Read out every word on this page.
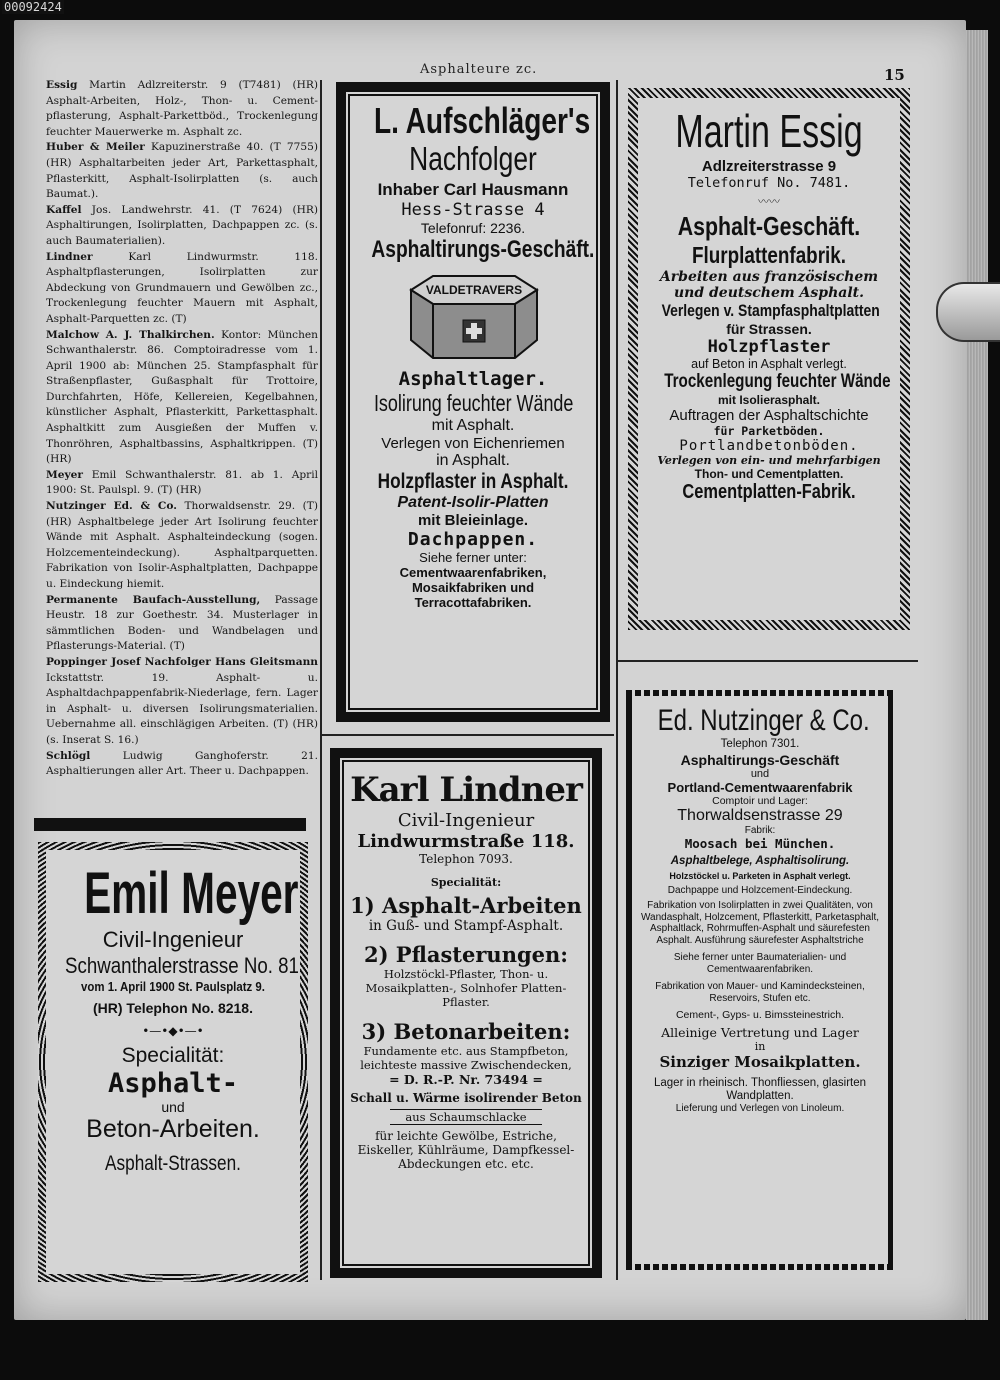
00092424
Asphalteure zc.	15

Essig Martin Adlzreiterstr. 9 (T7481) (HR) Asphalt-Arbeiten, Holz-, Thon- u. Cement-pflasterung, Asphalt-Parkettböd., Trockenlegung feuchter Mauerwerke m. Asphalt zc.

Huber & Meiler Kapuzinerstraße 40. (T 7755) (HR) Asphaltarbeiten jeder Art, Parkettasphalt, Pflasterkitt, Asphalt-Isolirplatten (s. auch Baumat.).

Kaffel Jos. Landwehrstr. 41. (T 7624) (HR) Asphaltirungen, Isolirplatten, Dachpappen zc. (s. auch Baumaterialien).

Lindner	Karl Lindwurmstr. 118. Asphaltpflasterungen, Isolirplatten zur Abdeckung von Grundmauern und Gewölben zc., Trockenlegung feuchter Mauern mit Asphalt, Asphalt-Parquetten zc. (T)

Malchow A. J. Thalkirchen. Kontor: München Schwanthalerstr. 86. Comptoiradresse vom 1. April 1900 ab: München 25. Stampfasphalt für Straßenpflaster, Gußasphalt für Trottoire, Durchfahrten, Höfe, Kellereien, Kegelbahnen, künstlicher Asphalt, Pflasterkitt, Parkettasphalt. Asphaltkitt zum Ausgießen der Muffen v. Thonröhren, Asphaltbassins, Asphaltkrippen. (T) (HR)

Meyer Emil Schwanthalerstr. 81. ab 1. April 1900: St. Paulspl. 9. (T) (HR)

Nutzinger Ed. & Co. Thorwaldsenstr. 29. (T) (HR) Asphaltbelege jeder Art Isolirung feuchter Wände mit Asphalt. Asphalteindeckung (sogen. Holzcementeindeckung). Asphaltparquetten. Fabrikation von Isolir-Asphaltplatten, Dachpappe u. Eindeckung hiemit.

Permanente Baufach-Ausstellung, Passage Heustr. 18 zur Goethestr. 34. Musterlager in sämmtlichen Boden- und Wandbelagen und Pflasterungs-Material. (T)

Poppinger Josef Nachfolger Hans Gleitsmann Ickstattstr. 19. Asphalt- u. Asphaltdachpappenfabrik-Niederlage, fern. Lager in Asphalt- u. diversen Isolirungsmaterialien. Uebernahme all. einschlägigen Arbeiten. (T) (HR) (s. Inserat S. 16.)

Schlögl	Ludwig Ganghoferstr. 21. Asphaltierungen aller Art. Theer u. Dachpappen.

L. Aufschläger's
Nachfolger
Inhaber Carl Hausmann
Hess-Strasse 4
Telefonruf: 2236.
Asphaltirungs-Geschäft.
VALDETRAVERS
Asphaltlager.
Isolirung feuchter Wände
mit Asphalt.
Verlegen von Eichenriemen
in Asphalt.
Holzpflaster in Asphalt.
Patent-Isolir-Platten
mit Bleieinlage.
Dachpappen.
Siehe ferner unter:
Cementwaarenfabriken,
Mosaikfabriken und
Terracottafabriken.
Martin Essig
Adlzreiterstrasse 9
Telefonruf No. 7481.
〰〰
Asphalt-Geschäft.
Flurplattenfabrik.
Arbeiten aus französischem
und deutschem Asphalt.
Verlegen v. Stampfasphaltplatten
für Strassen.
Holzpflaster
auf Beton in Asphalt verlegt.
Trockenlegung feuchter Wände
mit Isolierasphalt.
Auftragen der Asphaltschichte
für Parketböden.
Portlandbetonböden.
Verlegen von ein- und mehrfarbigen
Thon- und Cementplatten.
Cementplatten-Fabrik.
Karl Lindner
Civil-Ingenieur
Lindwurmstraße 118.
Telephon 7093.
Specialität:
1) Asphalt-Arbeiten
in Guß- und Stampf-Asphalt.
2) Pflasterungen:
Holzstöckl-Pflaster, Thon- u. Mosaikplatten-, Solnhofer Platten-Pflaster.
3) Betonarbeiten:
Fundamente etc. aus Stampfbeton, leichteste massive Zwischendecken,
= D. R.-P. Nr. 73494 =
Schall u. Wärme isolirender Beton
aus Schaumschlacke
für leichte Gewölbe, Estriche, Eiskeller, Kühlräume, Dampfkessel-Abdeckungen etc. etc.
Emil Meyer
Civil-Ingenieur
Schwanthalerstrasse No. 81
vom 1. April 1900 St. Paulsplatz 9.
(HR) Telephon No. 8218.
•—•◆•—•
Specialität:
Asphalt-
und
Beton-Arbeiten.
Asphalt-Strassen.
Ed. Nutzinger & Co.
Telephon 7301.
Asphaltirungs-Geschäft
und
Portland-Cementwaarenfabrik
Comptoir und Lager:
Thorwaldsenstrasse 29
Fabrik:
Moosach bei München.
Asphaltbelege, Asphaltisolirung.
Holzstöckel u. Parketen in Asphalt verlegt.
Dachpappe und Holzcement-Eindeckung.
Fabrikation von Isolirplatten in zwei Qualitäten, von Wandasphalt, Holzcement, Pflasterkitt, Parketasphalt, Asphaltlack, Rohrmuffen-Asphalt und säurefesten Asphalt. Ausführung säurefester Asphaltstriche
Siehe ferner unter Baumaterialien- und Cementwaarenfabriken.
Fabrikation von Mauer- und Kamindecksteinen, Reservoirs, Stufen etc.
Cement-, Gyps- u. Bimssteinestrich.
Alleinige Vertretung und Lager
in
Sinziger Mosaikplatten.
Lager in rheinisch. Thonfliessen, glasirten Wandplatten.
Lieferung und Verlegen von Linoleum.
